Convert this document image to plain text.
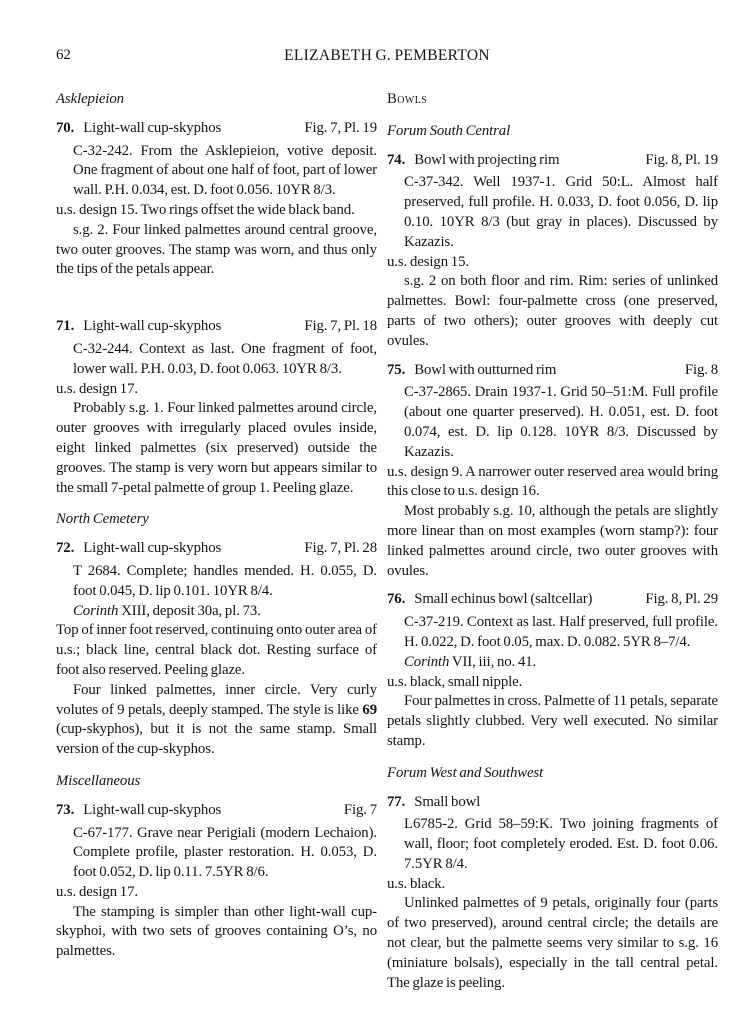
62	ELIZABETH G. PEMBERTON

Asklepieion

70. Light-wall cup-skyphos	Fig. 7, Pl. 19

C-32-242. From the Asklepieion, votive deposit. One fragment of about one half of foot, part of lower wall. P.H. 0.034, est. D. foot 0.056. 10YR 8/3.

u.s. design 15. Two rings offset the wide black band.

s.g. 2. Four linked palmettes around central groove, two outer grooves. The stamp was worn, and thus only the tips of the petals appear.

71. Light-wall cup-skyphos	Fig. 7, Pl. 18

C-32-244. Context as last. One fragment of foot, lower wall. P.H. 0.03, D. foot 0.063. 10YR 8/3.

u.s. design 17.

Probably s.g. 1. Four linked palmettes around circle, outer grooves with irregularly placed ovules inside, eight linked palmettes (six preserved) outside the grooves. The stamp is very worn but appears similar to the small 7-petal palmette of group 1. Peeling glaze.

North Cemetery

72. Light-wall cup-skyphos	Fig. 7, Pl. 28

T 2684. Complete; handles mended. H. 0.055, D. foot 0.045, D. lip 0.101. 10YR 8/4.

Corinth XIII, deposit 30a, pl. 73.

Top of inner foot reserved, continuing onto outer area of u.s.; black line, central black dot. Resting surface of foot also reserved. Peeling glaze.

Four linked palmettes, inner circle. Very curly volutes of 9 petals, deeply stamped. The style is like 69 (cup-skyphos), but it is not the same stamp. Small version of the cup-skyphos.

Miscellaneous

73. Light-wall cup-skyphos	Fig. 7

C-67-177. Grave near Perigiali (modern Lechaion). Complete profile, plaster restoration. H. 0.053, D. foot 0.052, D. lip 0.11. 7.5YR 8/6.

u.s. design 17.

The stamping is simpler than other light-wall cup-skyphoi, with two sets of grooves containing O’s, no palmettes.

Bowls

Forum South Central

74. Bowl with projecting rim	Fig. 8, Pl. 19

C-37-342. Well 1937-1. Grid 50:L. Almost half preserved, full profile. H. 0.033, D. foot 0.056, D. lip 0.10. 10YR 8/3 (but gray in places). Discussed by Kazazis.

u.s. design 15.

s.g. 2 on both floor and rim. Rim: series of unlinked palmettes. Bowl: four-palmette cross (one preserved, parts of two others); outer grooves with deeply cut ovules.

75. Bowl with outturned rim	Fig. 8

C-37-2865. Drain 1937-1. Grid 50–51:M. Full profile (about one quarter preserved). H. 0.051, est. D. foot 0.074, est. D. lip 0.128. 10YR 8/3. Discussed by Kazazis.

u.s. design 9. A narrower outer reserved area would bring this close to u.s. design 16.

Most probably s.g. 10, although the petals are slightly more linear than on most examples (worn stamp?): four linked palmettes around circle, two outer grooves with ovules.

76. Small echinus bowl (saltcellar)	Fig. 8, Pl. 29

C-37-219. Context as last. Half preserved, full profile. H. 0.022, D. foot 0.05, max. D. 0.082. 5YR 8–7/4.

Corinth VII, iii, no. 41.

u.s. black, small nipple.

Four palmettes in cross. Palmette of 11 petals, separate petals slightly clubbed. Very well executed. No similar stamp.

Forum West and Southwest

77. Small bowl

L6785-2. Grid 58–59:K. Two joining fragments of wall, floor; foot completely eroded. Est. D. foot 0.06. 7.5YR 8/4.

u.s. black.

Unlinked palmettes of 9 petals, originally four (parts of two preserved), around central circle; the details are not clear, but the palmette seems very similar to s.g. 16 (miniature bolsals), especially in the tall central petal. The glaze is peeling.
